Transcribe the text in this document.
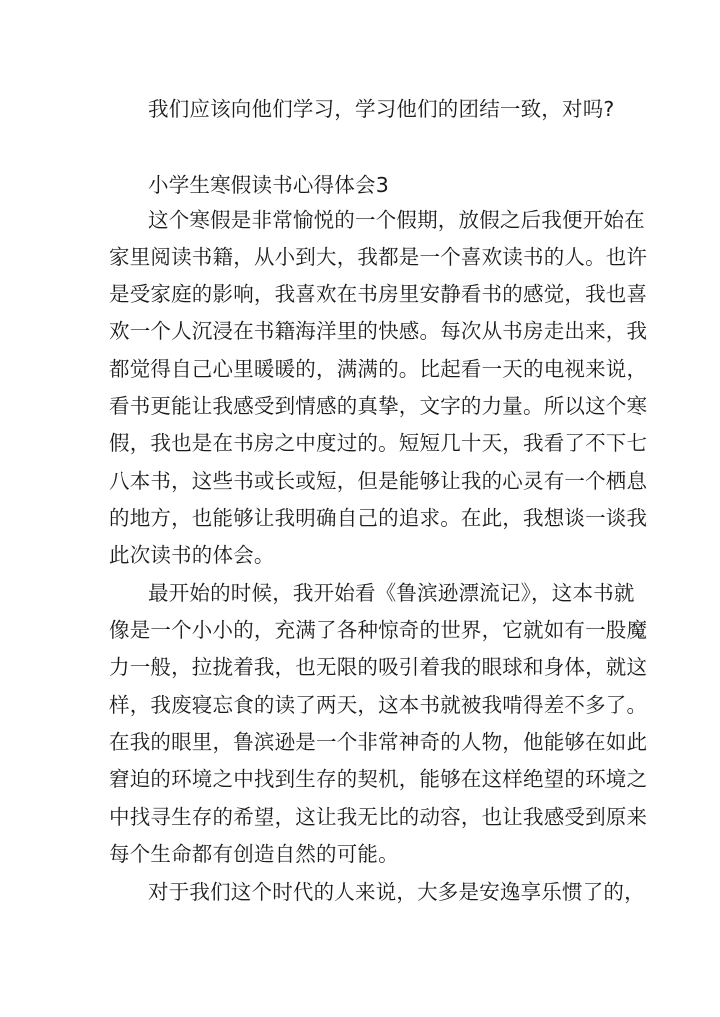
我们应该向他们学习，学习他们的团结一致，对吗?
小学生寒假读书心得体会3
这个寒假是非常愉悦的一个假期，放假之后我便开始在
家里阅读书籍，从小到大，我都是一个喜欢读书的人。也许
是受家庭的影响，我喜欢在书房里安静看书的感觉，我也喜
欢一个人沉浸在书籍海洋里的快感。每次从书房走出来，我
都觉得自己心里暖暖的，满满的。比起看一天的电视来说，
看书更能让我感受到情感的真挚，文字的力量。所以这个寒
假，我也是在书房之中度过的。短短几十天，我看了不下七
八本书，这些书或长或短，但是能够让我的心灵有一个栖息
的地方，也能够让我明确自己的追求。在此，我想谈一谈我
此次读书的体会。
最开始的时候，我开始看《鲁滨逊漂流记》，这本书就
像是一个小小的，充满了各种惊奇的世界，它就如有一股魔
力一般，拉拢着我，也无限的吸引着我的眼球和身体，就这
样，我废寝忘食的读了两天，这本书就被我啃得差不多了。
在我的眼里，鲁滨逊是一个非常神奇的人物，他能够在如此
窘迫的环境之中找到生存的契机，能够在这样绝望的环境之
中找寻生存的希望，这让我无比的动容，也让我感受到原来
每个生命都有创造自然的可能。
对于我们这个时代的人来说，大多是安逸享乐惯了的，
